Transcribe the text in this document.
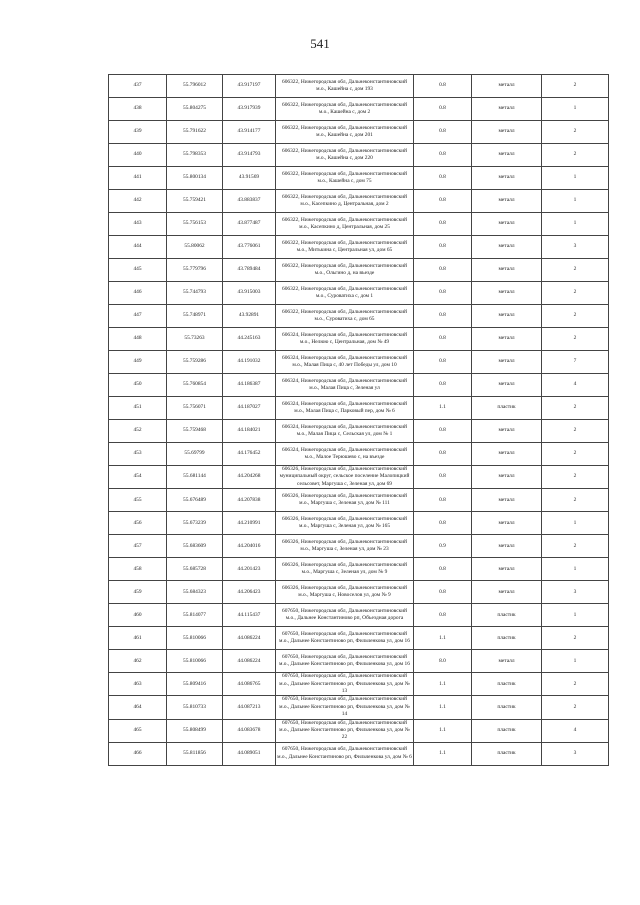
541
437	55.796012	43.917197	606322, Нижегородская обл, Дальнеконстантиновский м.о., Кашейна с, дом 193	0.8	металл	2
438	55.804275	43.917939	606322, Нижегородская обл, Дальнеконстантиновский м.о., Кашейна с, дом 2	0.8	металл	1
439	55.791622	43.914177	606322, Нижегородская обл, Дальнеконстантиновский м.о., Кашейна с, дом 201	0.8	металл	2
440	55.798353	43.914793	606322, Нижегородская обл, Дальнеконстантиновский м.о., Кашейна с, дом 220	0.8	металл	2
441	55.800134	43.91569	606322, Нижегородская обл, Дальнеконстантиновский м.о., Кашейна с, дом 75	0.8	металл	1
442	55.759421	43.883837	606322, Нижегородская обл, Дальнеконстантиновский м.о., Касепкино д, Центральная, дом 2	0.8	металл	1
443	55.756153	43.877487	606322, Нижегородская обл, Дальнеконстантиновский м.о., Касепкино д, Центральная, дом 25	0.8	металл	1
444	55.80062	43.776061	606322, Нижегородская обл, Дальнеконстантиновский м.о., Митькина с, Центральная ул, дом 65	0.8	металл	3
445	55.779796	43.789484	606322, Нижегородская обл, Дальнеконстантиновский м.о., Ольгино д, на въезде	0.8	металл	2
446	55.744793	43.915003	606322, Нижегородская обл, Дальнеконстантиновский м.о., Суроватиха с, дом 1	0.8	металл	2
447	55.748971	43.92891	606322, Нижегородская обл, Дальнеконстантиновский м.о., Суроватиха с, дом 65	0.8	металл	2
448	55.73263	44.245163	606324, Нижегородская обл, Дальнеконстантиновский м.о., Нелюю с, Центральная, дом № 49	0.8	металл	2
449	55.759286	44.191032	606324, Нижегородская обл, Дальнеконстантиновский м.о., Малая Пица с, 40 лет Победы ул, дом 10	0.8	металл	7
450	55.760854	44.186387	606324, Нижегородская обл, Дальнеконстантиновский м.о., Малая Пица с, Зеленая ул	0.8	металл	4
451	55.756071	44.187027	606324, Нижегородская обл, Дальнеконстантиновский м.о., Малая Пица с, Парковый пер, дом № 6	1.1	пластик	2
452	55.759468	44.184021	606324, Нижегородская обл, Дальнеконстантиновский м.о., Малая Пица с, Сельская ул, дом № 1	0.8	металл	2
453	55.69799	44.176452	606324, Нижегородская обл, Дальнеконстантиновский м.о., Малое Терюшево с, на въезде	0.8	металл	2
454	55.681144	44.204268	606326, Нижегородская обл, Дальнеконстантиновский муниципальный округ, сельское поселение Малопицкий сельсовет, Маргуша с, Зеленая ул, дом 69	0.8	металл	2
455	55.676489	44.207838	606326, Нижегородская обл, Дальнеконстантиновский м.о., Маргуша с, Зеленая ул, дом № 111	0.8	металл	2
456	55.673239	44.210991	606326, Нижегородская обл, Дальнеконстантиновский м.о., Маргуша с, Зеленая ул, дом № 165	0.8	металл	1
457	55.683609	44.204016	606326, Нижегородская обл, Дальнеконстантиновский м.о., Маргуша с, Зеленая ул, дом № 23	0.9	металл	2
458	55.685728	44.201423	606326, Нижегородская обл, Дальнеконстантиновский м.о., Маргуша с, Зеленая ул, дом № 9	0.8	металл	1
459	55.684323	44.206423	606326, Нижегородская обл, Дальнеконстантиновский м.о., Маргуша с, Новоселов ул, дом № 9	0.8	металл	3
460	55.814077	44.115437	607650, Нижегородская обл, Дальнеконстантиновский м.о., Дальнее Константиново рп, Объездная дорога	0.8	пластик	1
461	55.810066	44.086224	607650, Нижегородская обл, Дальнеконстантиновский м.о., Дальнее Константиново рп, Фильченкова ул, дом 16	1.1	пластик	2
462	55.810066	44.086224	607650, Нижегородская обл, Дальнеконстантиновский м.о., Дальнее Константиново рп, Фильченкова ул, дом 16	8.0	металл	1
463	55.809416	44.086765	607650, Нижегородская обл, Дальнеконстантиновский м.о., Дальнее Константиново рп, Фильченкова ул, дом № 13	1.1	пластик	2
464	55.810733	44.087213	607650, Нижегородская обл, Дальнеконстантиновский м.о., Дальнее Константиново рп, Фильченкова ул, дом № 14	1.1	пластик	2
465	55.808499	44.083678	607650, Нижегородская обл, Дальнеконстантиновский м.о., Дальнее Константиново рп, Фильченкова ул, дом № 22	1.1	пластик	4
466	55.811856	44.089051	607650, Нижегородская обл, Дальнеконстантиновский м.о., Дальнее Константиново рп, Фильченкова ул, дом № 6	1.1	пластик	3
